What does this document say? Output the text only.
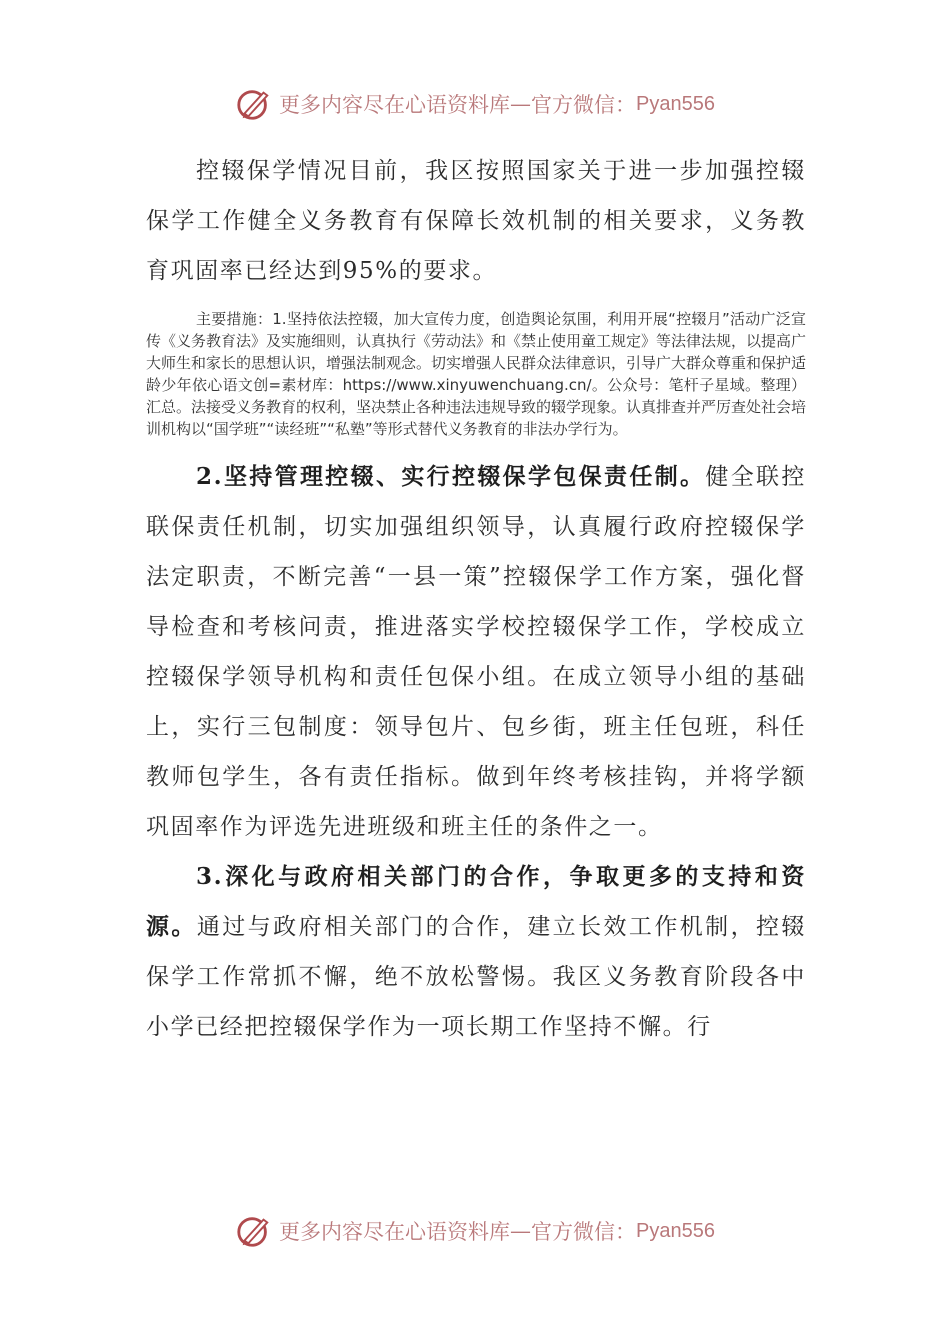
更多内容尽在心语资料库 — 官方微信： Pyan556

控辍保学情况目前，我区按照国家关于进一步加强控辍保学工作健全义务教育有保障长效机制的相关要求，义务教育巩固率已经达到95%的要求。

主要措施：1.坚持依法控辍，加大宣传力度，创造舆论氛围，利用开展“控辍月”活动广泛宣传《义务教育法》及实施细则，认真执行《劳动法》和《禁止使用童工规定》等法律法规，以提高广大师生和家长的思想认识，增强法制观念。切实增强人民群众法律意识，引导广大群众尊重和保护适龄少年依心语文创=素材库：https://www.xinyuwenchuang.cn/。公众号：笔杆子星域。整理）汇总。法接受义务教育的权利，坚决禁止各种违法违规导致的辍学现象。认真排查并严厉查处社会培训机构以“国学班”“读经班”“私塾”等形式替代义务教育的非法办学行为。

2.坚持管理控辍、实行控辍保学包保责任制。健全联控联保责任机制，切实加强组织领导，认真履行政府控辍保学法定职责，不断完善“一县一策”控辍保学工作方案，强化督导检查和考核问责，推进落实学校控辍保学工作，学校成立控辍保学领导机构和责任包保小组。在成立领导小组的基础上，实行三包制度：领导包片、包乡街，班主任包班，科任教师包学生，各有责任指标。做到年终考核挂钩，并将学额巩固率作为评选先进班级和班主任的条件之一。

3.深化与政府相关部门的合作，争取更多的支持和资源。通过与政府相关部门的合作，建立长效工作机制，控辍保学工作常抓不懈，绝不放松警惕。我区义务教育阶段各中小学已经把控辍保学作为一项长期工作坚持不懈。行

更多内容尽在心语资料库 — 官方微信： Pyan556
